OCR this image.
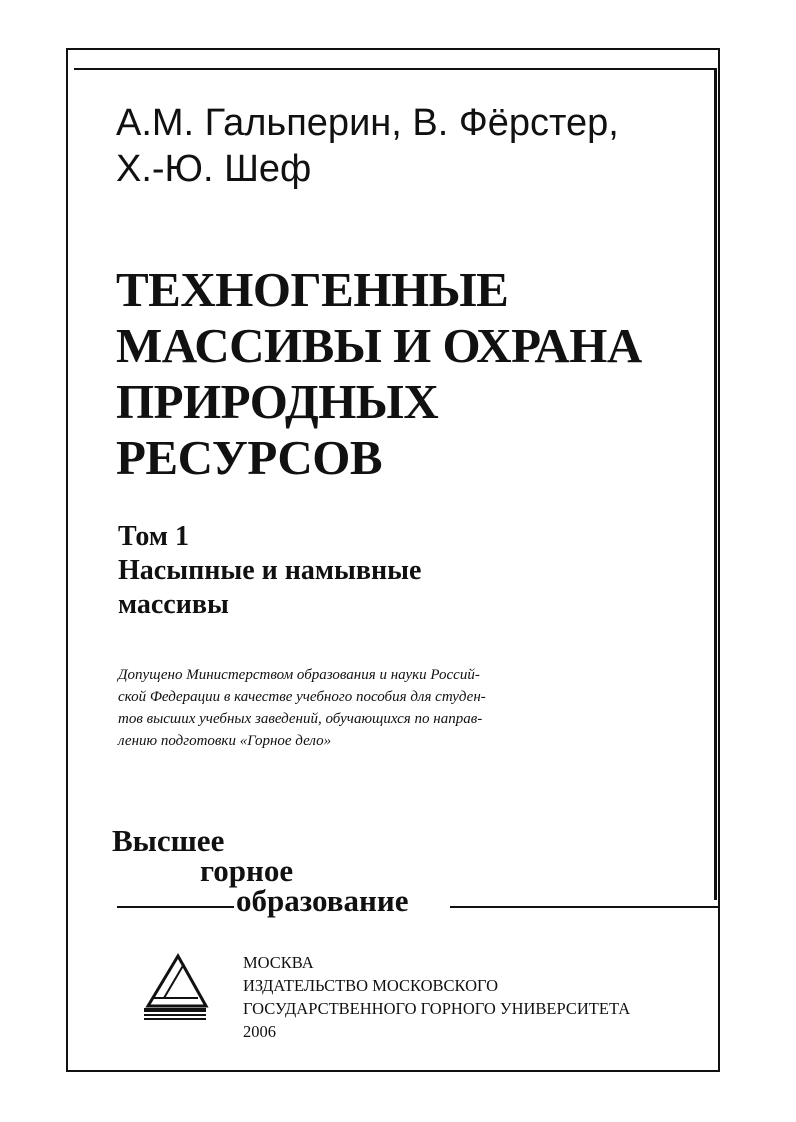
А.М. Гальперин, В. Фёрстер,
Х.-Ю. Шеф
ТЕХНОГЕННЫЕ
МАССИВЫ И ОХРАНА
ПРИРОДНЫХ
РЕСУРСОВ
Том 1
Насыпные и намывные
массивы
Допущено Министерством образования и науки Россий-
ской Федерации в качестве учебного пособия для студен-
тов высших учебных заведений, обучающихся по направ-
лению подготовки «Горное дело»
Высшее
горное
образование
МОСКВА
ИЗДАТЕЛЬСТВО МОСКОВСКОГО
ГОСУДАРСТВЕННОГО ГОРНОГО УНИВЕРСИТЕТА
2006
